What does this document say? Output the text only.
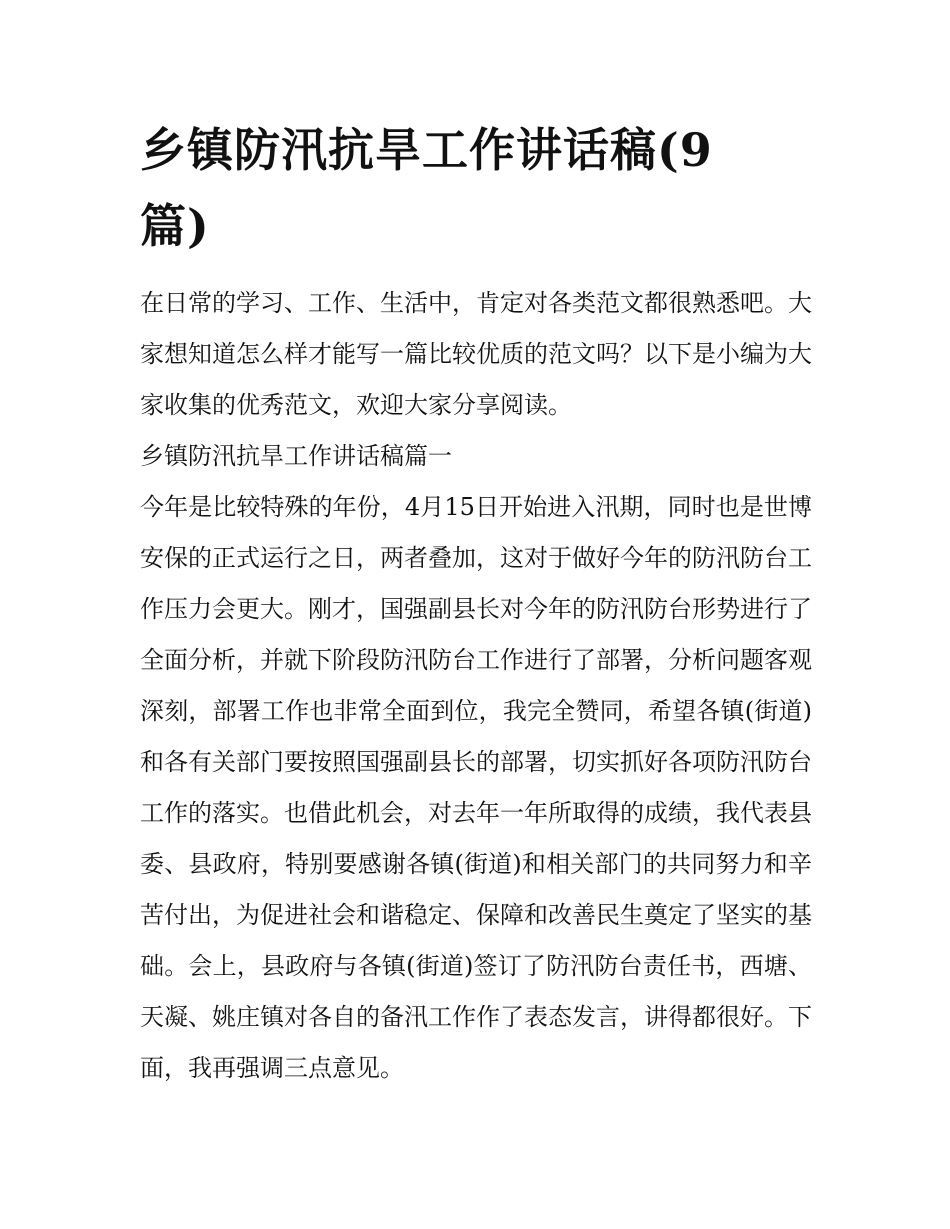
乡镇防汛抗旱工作讲话稿(9篇)

在日常的学习、工作、生活中，肯定对各类范文都很熟悉吧。大家想知道怎么样才能写一篇比较优质的范文吗？以下是小编为大家收集的优秀范文，欢迎大家分享阅读。

乡镇防汛抗旱工作讲话稿篇一

今年是比较特殊的年份，4月15日开始进入汛期，同时也是世博安保的正式运行之日，两者叠加，这对于做好今年的防汛防台工作压力会更大。刚才，国强副县长对今年的防汛防台形势进行了全面分析，并就下阶段防汛防台工作进行了部署，分析问题客观深刻，部署工作也非常全面到位，我完全赞同，希望各镇(街道)和各有关部门要按照国强副县长的部署，切实抓好各项防汛防台工作的落实。也借此机会，对去年一年所取得的成绩，我代表县委、县政府，特别要感谢各镇(街道)和相关部门的共同努力和辛苦付出，为促进社会和谐稳定、保障和改善民生奠定了坚实的基础。会上，县政府与各镇(街道)签订了防汛防台责任书，西塘、天凝、姚庄镇对各自的备汛工作作了表态发言，讲得都很好。下面，我再强调三点意见。
